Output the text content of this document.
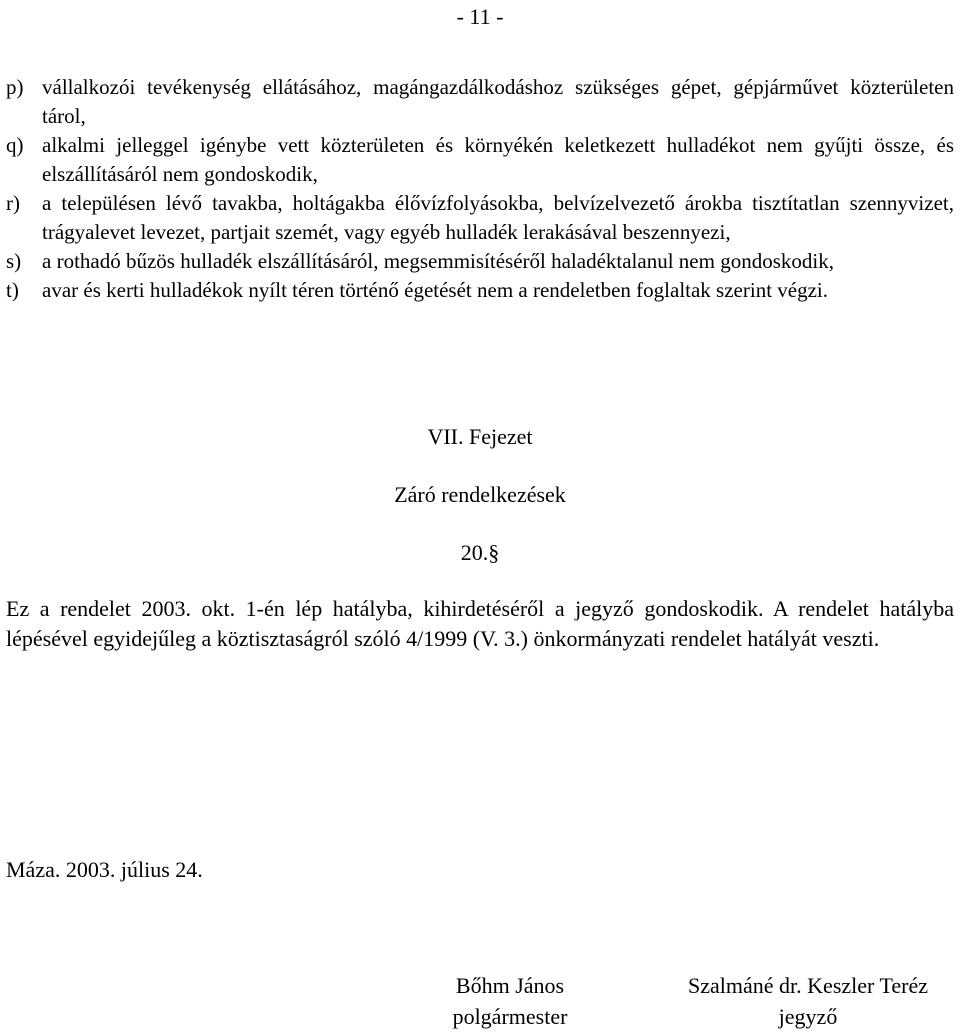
- 11 -
p) vállalkozói tevékenység ellátásához, magángazdálkodáshoz szükséges gépet, gépjárművet közterületen tárol,
q) alkalmi jelleggel igénybe vett közterületen és környékén keletkezett hulladékot nem gyűjti össze, és elszállításáról nem gondoskodik,
r)	a településen lévő tavakba, holtágakba élővízfolyásokba, belvízelvezető árokba tisztítatlan szennyvizet, trágyalevet levezet, partjait szemét, vagy egyéb hulladék lerakásával beszennyezi,
s) a rothadó bűzös hulladék elszállításáról, megsemmisítéséről haladéktalanul nem gondoskodik,
t)	avar és kerti hulladékok nyílt téren történő égetését nem a rendeletben foglaltak szerint végzi.
VII. Fejezet
Záró rendelkezések
20.§

Ez a rendelet 2003. okt. 1-én lép hatályba, kihirdetéséről a jegyző gondoskodik. A rendelet hatályba lépésével egyidejűleg a köztisztaságról szóló 4/1999 (V. 3.) önkormányzati rendelet hatályát veszti.

Máza. 2003. július 24.
Bőhm János
polgármester
Szalmáné dr. Keszler Teréz
jegyző
